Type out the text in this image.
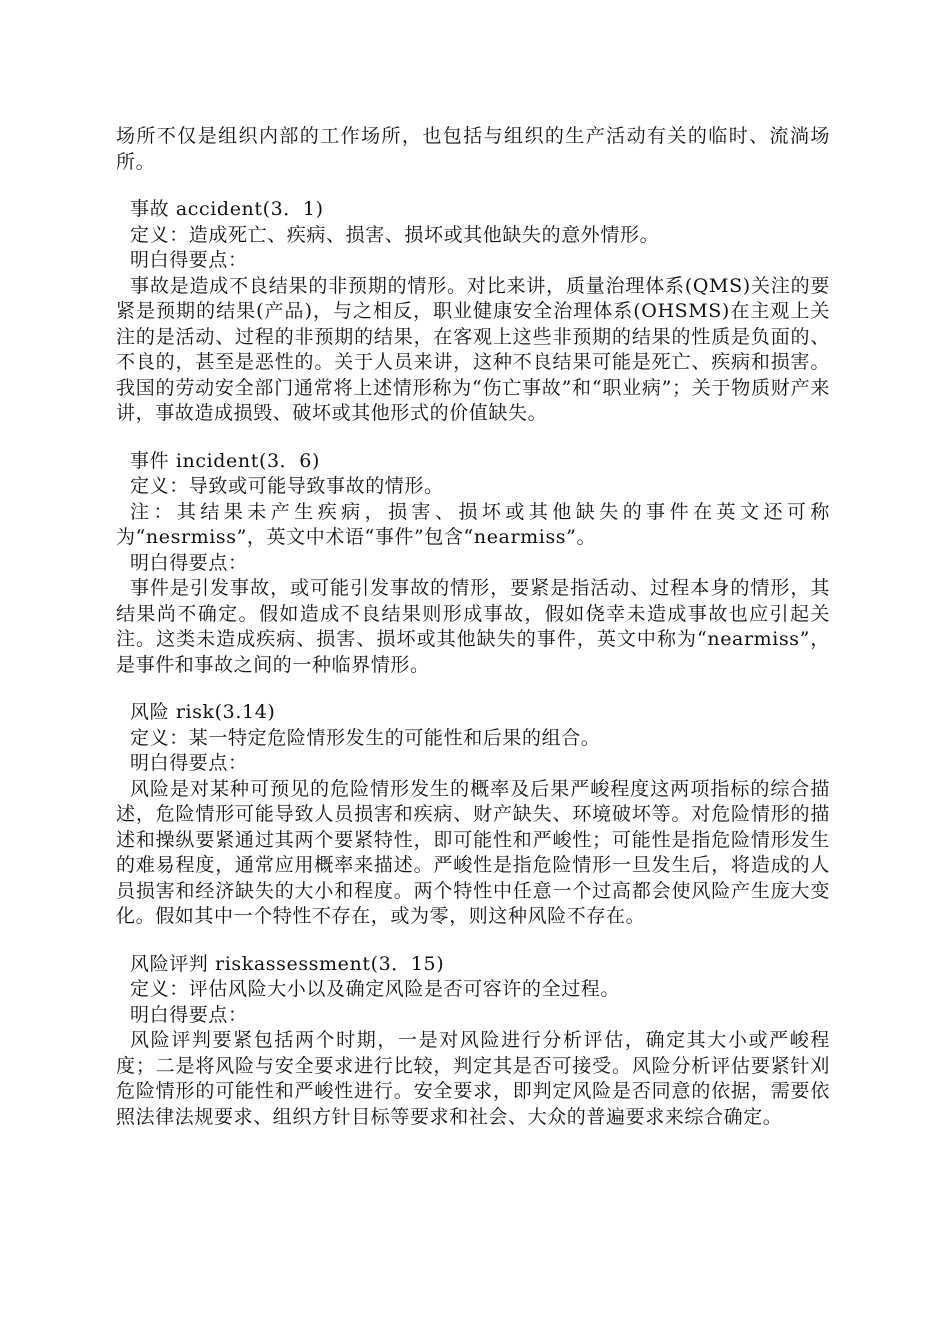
场所不仅是组织内部的工作场所，也包括与组织的生产活动有关的临时、流淌场所。

事故 accident(3．1)

定义：造成死亡、疾病、损害、损坏或其他缺失的意外情形。

明白得要点：

事故是造成不良结果的非预期的情形。对比来讲，质量治理体系(QMS)关注的要紧是预期的结果(产品)，与之相反，职业健康安全治理体系(OHSMS)在主观上关注的是活动、过程的非预期的结果，在客观上这些非预期的结果的性质是负面的、不良的，甚至是恶性的。关于人员来讲，这种不良结果可能是死亡、疾病和损害。我国的劳动安全部门通常将上述情形称为“伤亡事故”和“职业病”；关于物质财产来讲，事故造成损毁、破坏或其他形式的价值缺失。

事件 incident(3．6)

定义：导致或可能导致事故的情形。

注：其结果未产生疾病，损害、损坏或其他缺失的事件在英文还可称为“nesrmiss”，英文中术语“事件”包含“nearmiss”。

明白得要点：

事件是引发事故，或可能引发事故的情形，要紧是指活动、过程本身的情形，其结果尚不确定。假如造成不良结果则形成事故，假如侥幸未造成事故也应引起关注。这类未造成疾病、损害、损坏或其他缺失的事件，英文中称为“nearmiss”，是事件和事故之间的一种临界情形。

风险 risk(3.14)

定义：某一特定危险情形发生的可能性和后果的组合。

明白得要点：

风险是对某种可预见的危险情形发生的概率及后果严峻程度这两项指标的综合描述，危险情形可能导致人员损害和疾病、财产缺失、环境破坏等。对危险情形的描述和操纵要紧通过其两个要紧特性，即可能性和严峻性；可能性是指危险情形发生的难易程度，通常应用概率来描述。严峻性是指危险情形一旦发生后，将造成的人员损害和经济缺失的大小和程度。两个特性中任意一个过高都会使风险产生庞大变化。假如其中一个特性不存在，或为零，则这种风险不存在。

风险评判 riskassessment(3．15)

定义：评估风险大小以及确定风险是否可容许的全过程。

明白得要点：

风险评判要紧包括两个时期，一是对风险进行分析评估，确定其大小或严峻程度；二是将风险与安全要求进行比较，判定其是否可接受。风险分析评估要紧针刈危险情形的可能性和严峻性进行。安全要求，即判定风险是否同意的依据，需要依照法律法规要求、组织方针目标等要求和社会、大众的普遍要求来综合确定。
